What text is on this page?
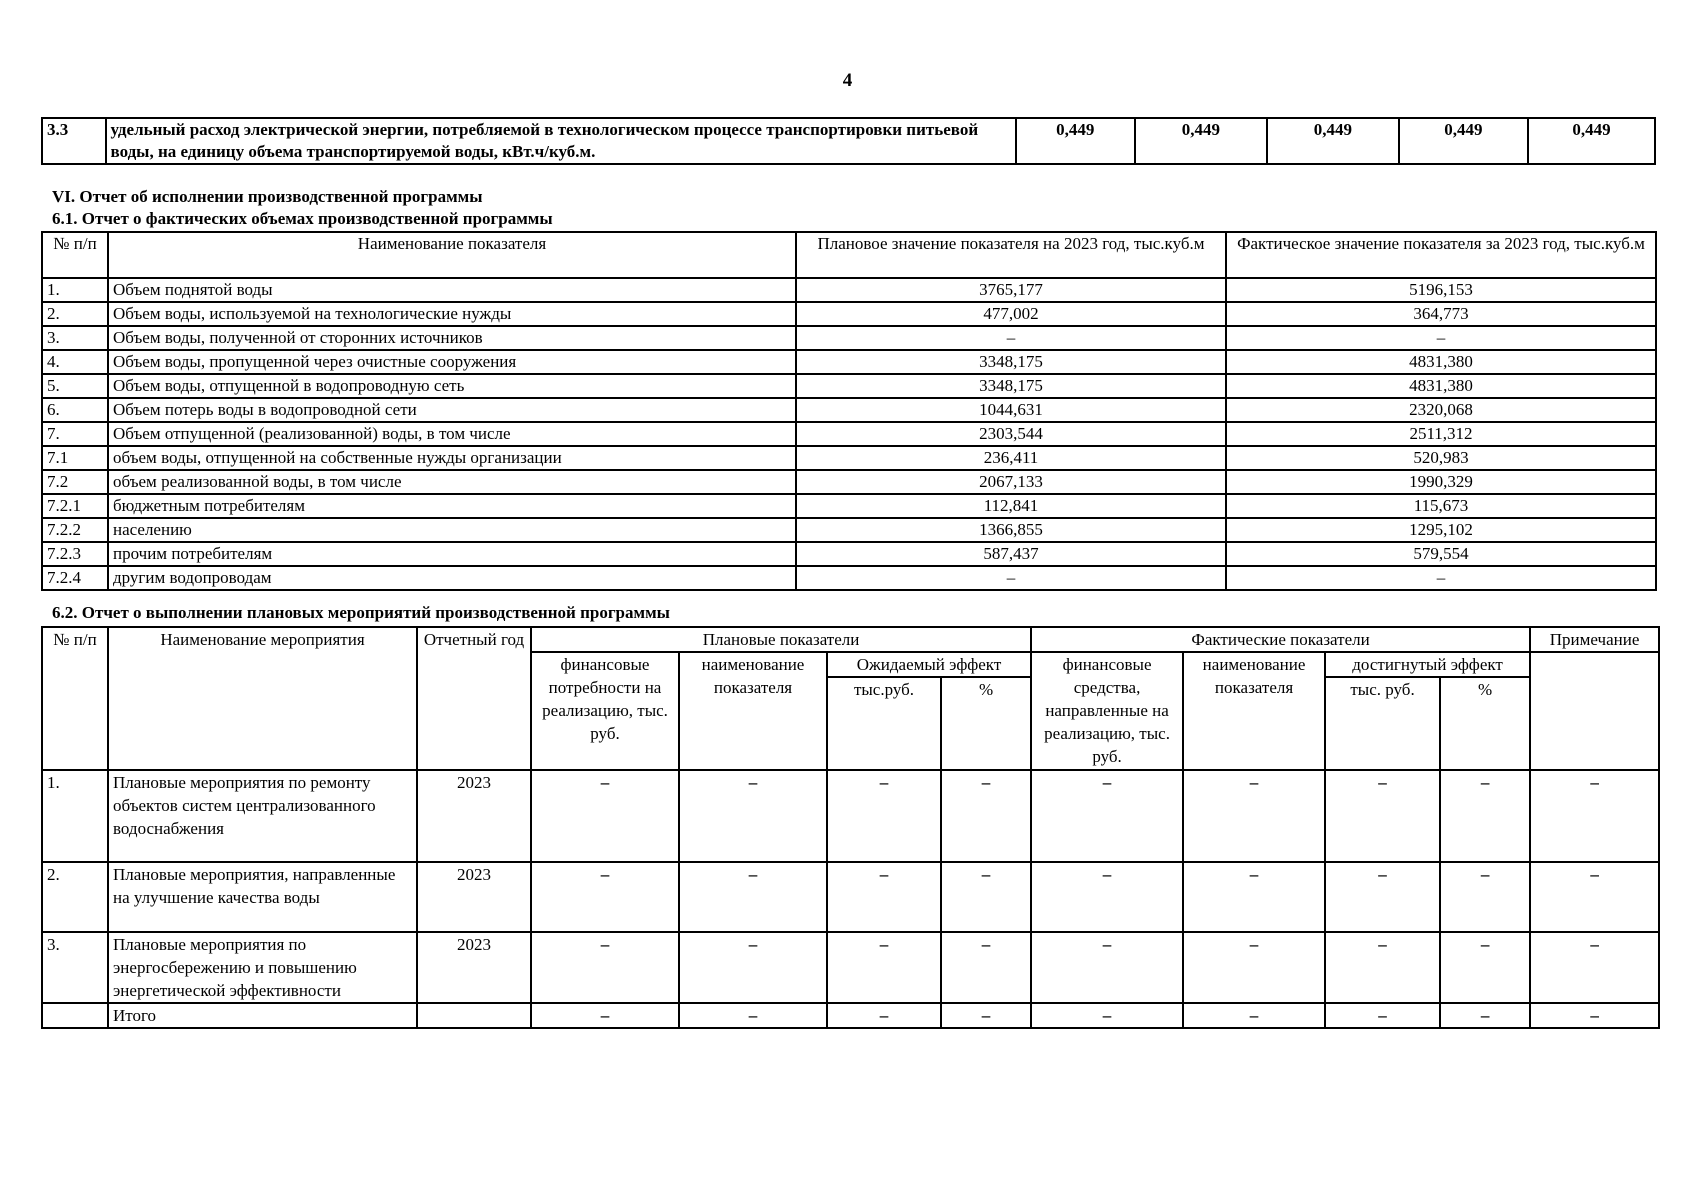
4
3.3	удельный расход электрической энергии, потребляемой в технологическом процессе транспортировки питьевой воды, на единицу объема транспортируемой воды, кВт.ч/куб.м.	0,449	0,449	0,449	0,449	0,449
VI. Отчет об исполнении производственной программы
6.1. Отчет о фактических объемах производственной программы
№ п/п	Наименование показателя	Плановое значение показателя на 2023 год, тыс.куб.м	Фактическое значение показателя за 2023 год, тыс.куб.м
1.	Объем поднятой воды	3765,177	5196,153
2.	Объем воды, используемой на технологические нужды	477,002	364,773
3.	Объем воды, полученной от сторонних источников	–	–
4.	Объем воды, пропущенной через очистные сооружения	3348,175	4831,380
5.	Объем воды, отпущенной в водопроводную сеть	3348,175	4831,380
6.	Объем потерь воды в водопроводной сети	1044,631	2320,068
7.	Объем отпущенной (реализованной) воды, в том числе	2303,544	2511,312
7.1	объем воды, отпущенной на собственные нужды организации	236,411	520,983
7.2	объем реализованной воды, в том числе	2067,133	1990,329
7.2.1	бюджетным потребителям	112,841	115,673
7.2.2	населению	1366,855	1295,102
7.2.3	прочим потребителям	587,437	579,554
7.2.4	другим водопроводам	–	–
6.2. Отчет о выполнении плановых мероприятий производственной программы
№ п/п	Наименование мероприятия	Отчетный год	Плановые показатели				Фактические показатели				Примечание
			финансовые потребности на реализацию, тыс. руб.	наименование показателя	Ожидаемый эффект		финансовые средства, направленные на реализацию, тыс. руб.	наименование показателя	достигнутый эффект		
					тыс.руб.	%			тыс. руб.	%	
1.	Плановые мероприятия по ремонту объектов систем централизованного водоснабжения	2023	–	–	–	–	–	–	–	–	–
2.	Плановые мероприятия, направленные на улучшение качества воды	2023	–	–	–	–	–	–	–	–	–
3.	Плановые мероприятия по энергосбережению и повышению энергетической эффективности	2023	–	–	–	–	–	–	–	–	–
	Итого		–	–	–	–	–	–	–	–	–
